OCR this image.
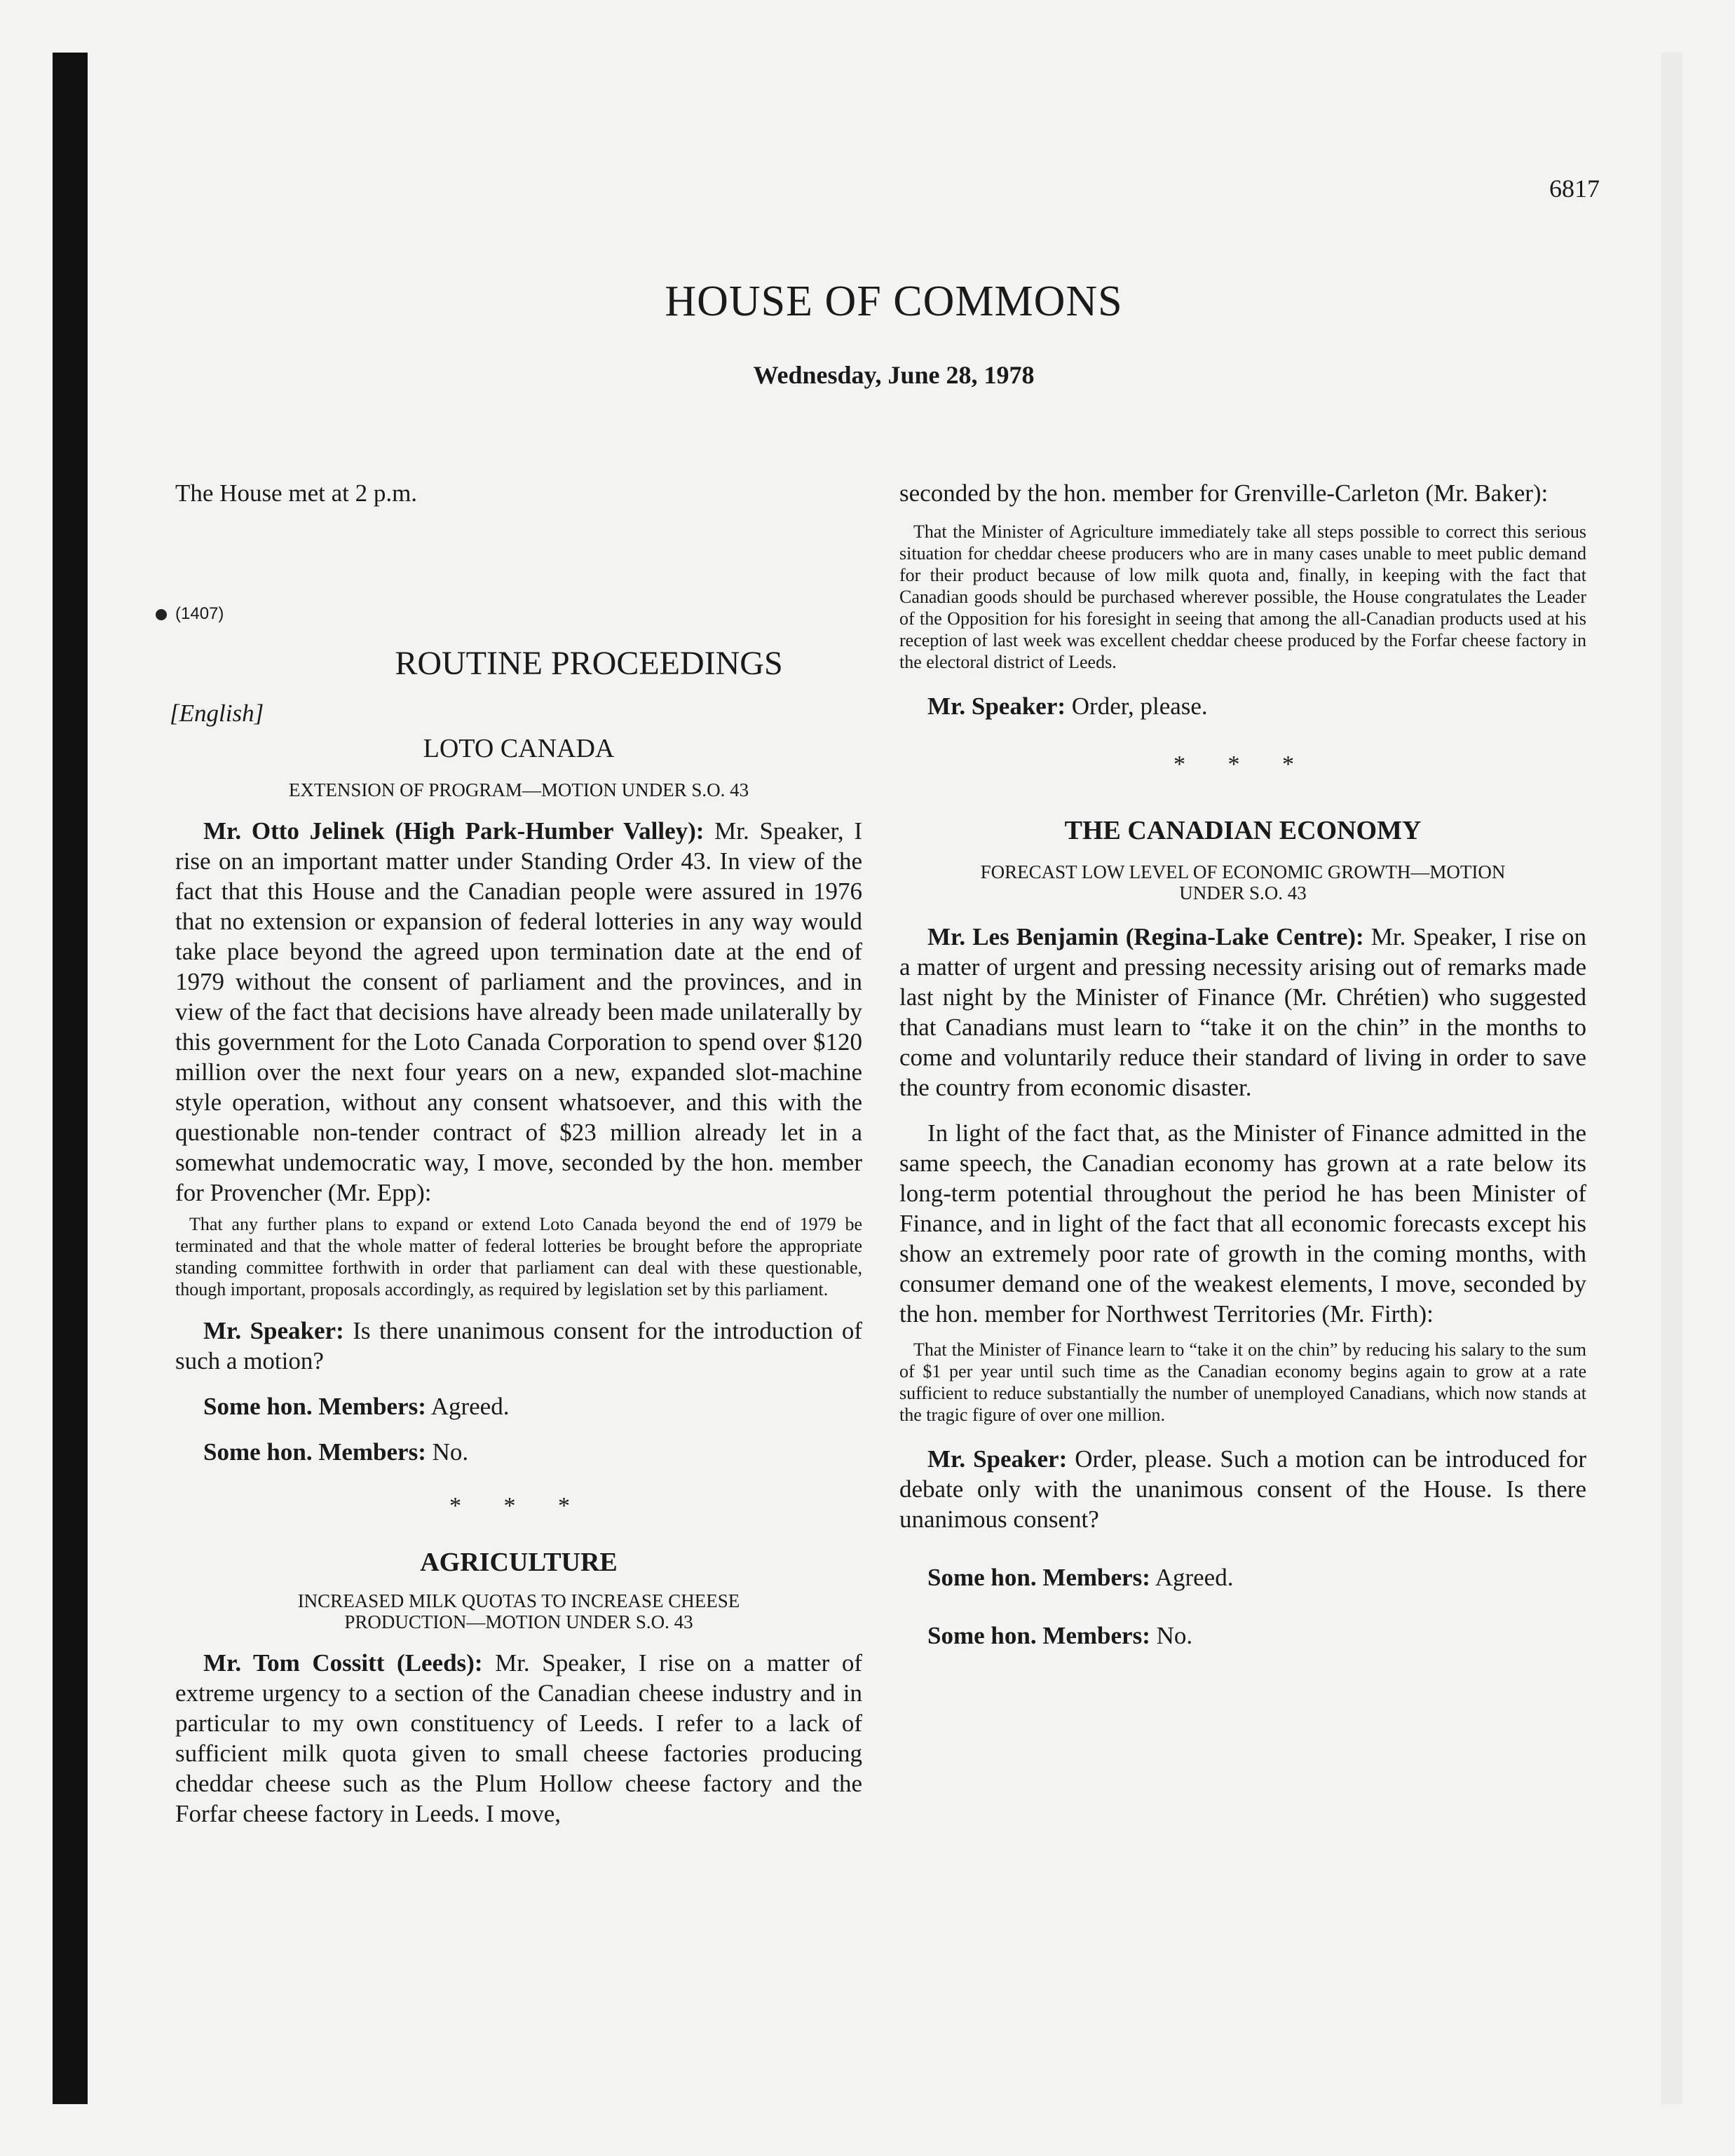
6817
HOUSE OF COMMONS
Wednesday, June 28, 1978
(1407)

The House met at 2 p.m.

ROUTINE PROCEEDINGS

[English]

LOTO CANADA
EXTENSION OF PROGRAM—MOTION UNDER S.O. 43

Mr. Otto Jelinek (High Park-Humber Valley): Mr. Speaker, I rise on an important matter under Standing Order 43. In view of the fact that this House and the Canadian people were assured in 1976 that no extension or expansion of federal lotteries in any way would take place beyond the agreed upon termination date at the end of 1979 without the consent of parliament and the provinces, and in view of the fact that decisions have already been made unilaterally by this government for the Loto Canada Corporation to spend over $120 million over the next four years on a new, expanded slot-machine style operation, without any consent whatsoever, and this with the questionable non-tender contract of $23 million already let in a somewhat undemocratic way, I move, seconded by the hon. member for Provencher (Mr. Epp):

That any further plans to expand or extend Loto Canada beyond the end of 1979 be terminated and that the whole matter of federal lotteries be brought before the appropriate standing committee forthwith in order that parliament can deal with these questionable, though important, proposals accordingly, as required by legislation set by this parliament.

Mr. Speaker: Is there unanimous consent for the introduction of such a motion?

Some hon. Members: Agreed.

Some hon. Members: No.

* * *
AGRICULTURE
INCREASED MILK QUOTAS TO INCREASE CHEESE
PRODUCTION—MOTION UNDER S.O. 43

Mr. Tom Cossitt (Leeds): Mr. Speaker, I rise on a matter of extreme urgency to a section of the Canadian cheese industry and in particular to my own constituency of Leeds. I refer to a lack of sufficient milk quota given to small cheese factories producing cheddar cheese such as the Plum Hollow cheese factory and the Forfar cheese factory in Leeds. I move,

seconded by the hon. member for Grenville-Carleton (Mr. Baker):

That the Minister of Agriculture immediately take all steps possible to correct this serious situation for cheddar cheese producers who are in many cases unable to meet public demand for their product because of low milk quota and, finally, in keeping with the fact that Canadian goods should be purchased wherever possible, the House congratulates the Leader of the Opposition for his foresight in seeing that among the all-Canadian products used at his reception of last week was excellent cheddar cheese produced by the Forfar cheese factory in the electoral district of Leeds.

Mr. Speaker: Order, please.

* * *
THE CANADIAN ECONOMY
FORECAST LOW LEVEL OF ECONOMIC GROWTH—MOTION
UNDER S.O. 43

Mr. Les Benjamin (Regina-Lake Centre): Mr. Speaker, I rise on a matter of urgent and pressing necessity arising out of remarks made last night by the Minister of Finance (Mr. Chrétien) who suggested that Canadians must learn to “take it on the chin” in the months to come and voluntarily reduce their standard of living in order to save the country from economic disaster.

In light of the fact that, as the Minister of Finance admitted in the same speech, the Canadian economy has grown at a rate below its long-term potential throughout the period he has been Minister of Finance, and in light of the fact that all economic forecasts except his show an extremely poor rate of growth in the coming months, with consumer demand one of the weakest elements, I move, seconded by the hon. member for Northwest Territories (Mr. Firth):

That the Minister of Finance learn to “take it on the chin” by reducing his salary to the sum of $1 per year until such time as the Canadian economy begins again to grow at a rate sufficient to reduce substantially the number of unemployed Canadians, which now stands at the tragic figure of over one million.

Mr. Speaker: Order, please. Such a motion can be introduced for debate only with the unanimous consent of the House. Is there unanimous consent?

Some hon. Members: Agreed.

Some hon. Members: No.
